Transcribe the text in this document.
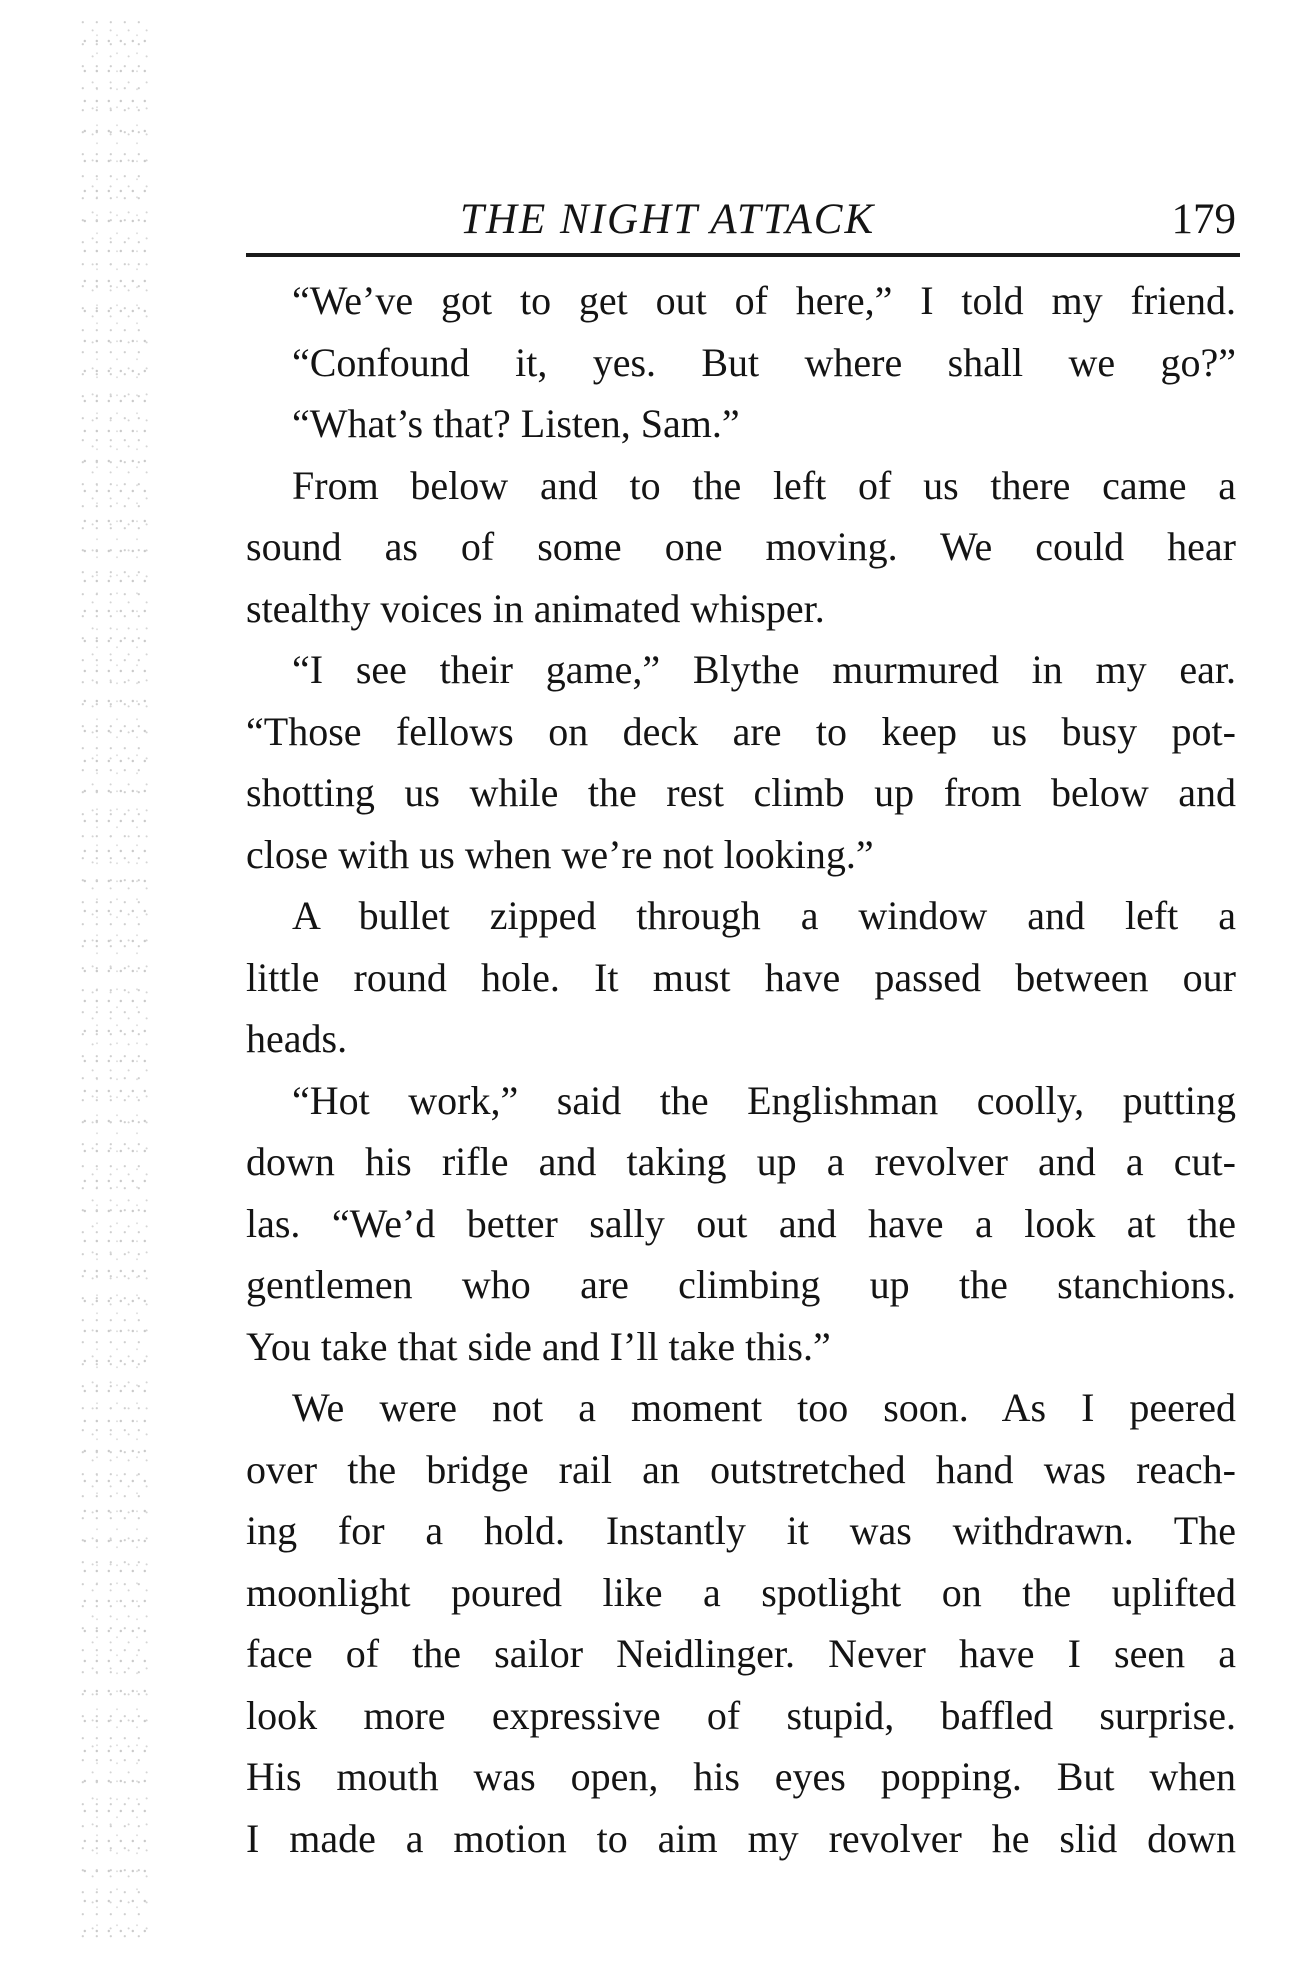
THE NIGHT ATTACK	179
“We’ve got to get out of here,” I told my friend.
“Confound it, yes. But where shall we go?”
“What’s that? Listen, Sam.”
From below and to the left of us there came a
sound as of some one moving. We could hear
stealthy voices in animated whisper.
“I see their game,” Blythe murmured in my ear.
“Those fellows on deck are to keep us busy pot-
shotting us while the rest climb up from below and
close with us when we’re not looking.”
A bullet zipped through a window and left a
little round hole. It must have passed between our
heads.
“Hot work,” said the Englishman coolly, putting
down his rifle and taking up a revolver and a cut-
las. “We’d better sally out and have a look at the
gentlemen who are climbing up the stanchions.
You take that side and I’ll take this.”
We were not a moment too soon. As I peered
over the bridge rail an outstretched hand was reach-
ing for a hold. Instantly it was withdrawn. The
moonlight poured like a spotlight on the uplifted
face of the sailor Neidlinger. Never have I seen a
look more expressive of stupid, baffled surprise.
His mouth was open, his eyes popping. But when
I made a motion to aim my revolver he slid down
